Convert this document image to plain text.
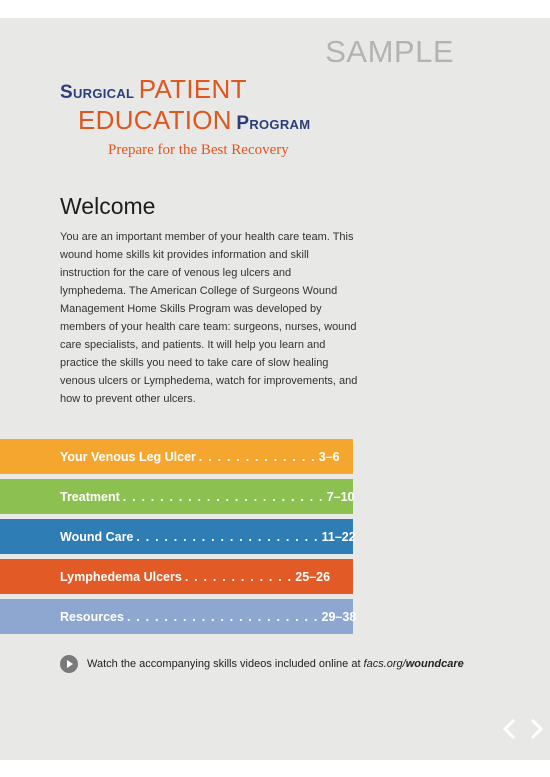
SAMPLE
Surgical PATIENT
EDUCATION Program
Prepare for the Best Recovery
Welcome

You are an important member of your health care team. This wound home skills kit provides information and skill instruction for the care of venous leg ulcers and lymphedema. The American College of Surgeons Wound Management Home Skills Program was developed by members of your health care team: surgeons, nurses, wound care specialists, and patients. It will help you learn and practice the skills you need to take care of slow healing venous ulcers or Lymphedema, watch for improvements, and how to prevent other ulcers.

Your Venous Leg Ulcer . . . . . . . . . . . . . 3–6
Treatment . . . . . . . . . . . . . . . . . . . . . . 7–10
Wound Care . . . . . . . . . . . . . . . . . . . . 11–22
Lymphedema Ulcers . . . . . . . . . . . . 25–26
Resources . . . . . . . . . . . . . . . . . . . . . 29–38
Watch the accompanying skills videos included online at facs.org/woundcare
